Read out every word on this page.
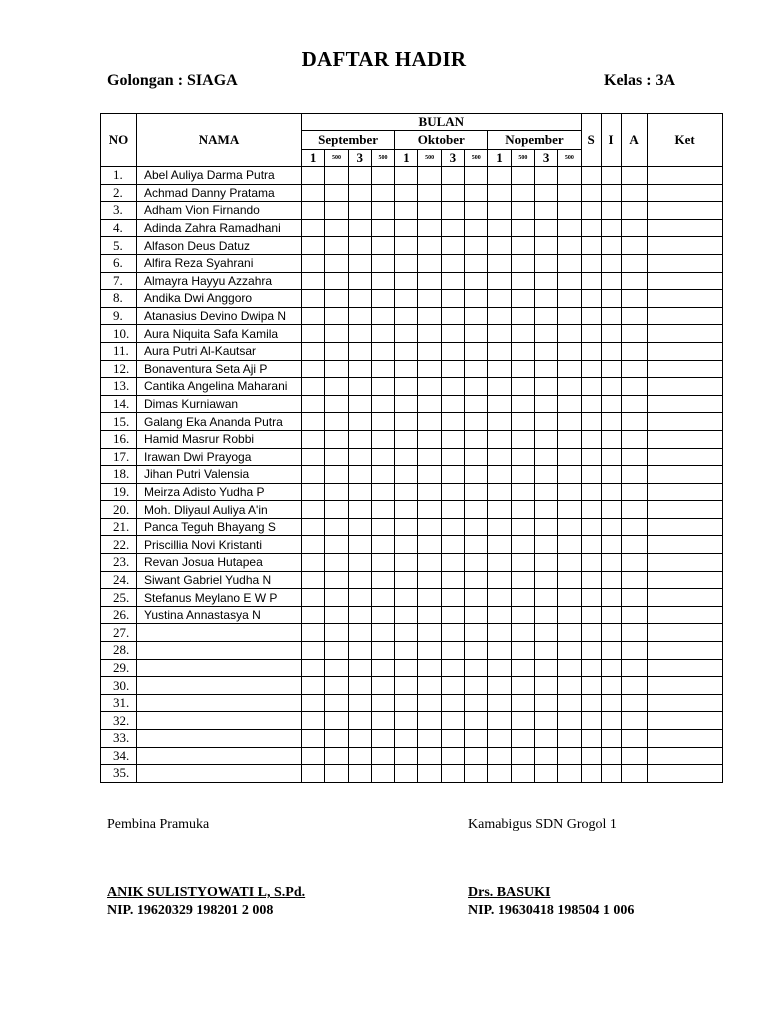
DAFTAR HADIR
Golongan : SIAGA	Kelas : 3A
NO	NAMA	BULAN												S	I	A	Ket
		September				Oktober				Nopember							
		1	500	3	500	1	500	3	500	1	500	3	500				
1.	Abel Auliya Darma Putra																
2.	Achmad Danny Pratama																
3.	Adham Vion Firnando																
4.	Adinda Zahra Ramadhani																
5.	Alfason Deus Datuz																
6.	Alfira Reza Syahrani																
7.	Almayra Hayyu Azzahra																
8.	Andika Dwi Anggoro																
9.	Atanasius Devino Dwipa N																
10.	Aura Niquita Safa Kamila																
11.	Aura Putri Al-Kautsar																
12.	Bonaventura Seta Aji P																
13.	Cantika Angelina Maharani																
14.	Dimas Kurniawan																
15.	Galang Eka Ananda Putra																
16.	Hamid Masrur Robbi																
17.	Irawan Dwi Prayoga																
18.	Jihan Putri Valensia																
19.	Meirza Adisto Yudha P																
20.	Moh. Dliyaul Auliya A'in																
21.	Panca Teguh Bhayang S																
22.	Priscillia Novi Kristanti																
23.	Revan Josua Hutapea																
24.	Siwant Gabriel Yudha N																
25.	Stefanus Meylano E W P																
26.	Yustina Annastasya N																
27.																	
28.																	
29.																	
30.																	
31.																	
32.																	
33.																	
34.																	
35.																	
Pembina Pramuka	Kamabigus SDN Grogol 1
ANIK SULISTYOWATI L, S.Pd.	Drs. BASUKI
NIP. 19620329 198201 2 008	NIP. 19630418 198504 1 006
